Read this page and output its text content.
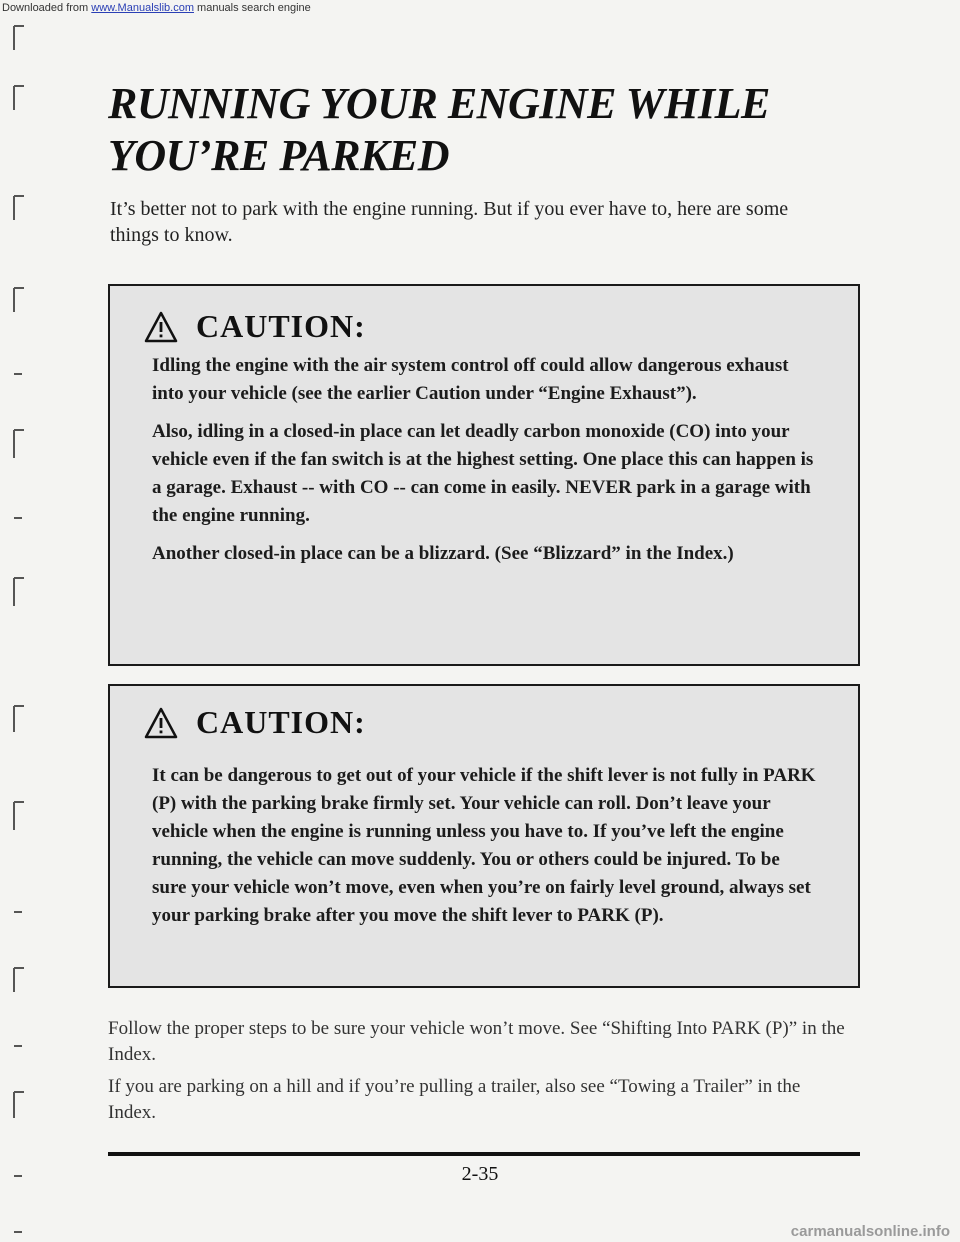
Downloaded from www.Manualslib.com manuals search engine
RUNNING YOUR ENGINE WHILE YOU’RE PARKED

It’s better not to park with the engine running. But if you ever have to, here are some things to know.

CAUTION:

Idling the engine with the air system control off could allow dangerous exhaust into your vehicle (see the earlier Caution under “Engine Exhaust”).

Also, idling in a closed-in place can let deadly carbon monoxide (CO) into your vehicle even if the fan switch is at the highest setting. One place this can happen is a garage. Exhaust -- with CO -- can come in easily. NEVER park in a garage with the engine running.

Another closed-in place can be a blizzard. (See “Blizzard” in the Index.)

CAUTION:

It can be dangerous to get out of your vehicle if the shift lever is not fully in PARK (P) with the parking brake firmly set. Your vehicle can roll. Don’t leave your vehicle when the engine is running unless you have to. If you’ve left the engine running, the vehicle can move suddenly. You or others could be injured. To be sure your vehicle won’t move, even when you’re on fairly level ground, always set your parking brake after you move the shift lever to PARK (P).

Follow the proper steps to be sure your vehicle won’t move. See “Shifting Into PARK (P)” in the Index.

If you are parking on a hill and if you’re pulling a trailer, also see “Towing a Trailer” in the Index.

2-35
carmanualsonline.info
